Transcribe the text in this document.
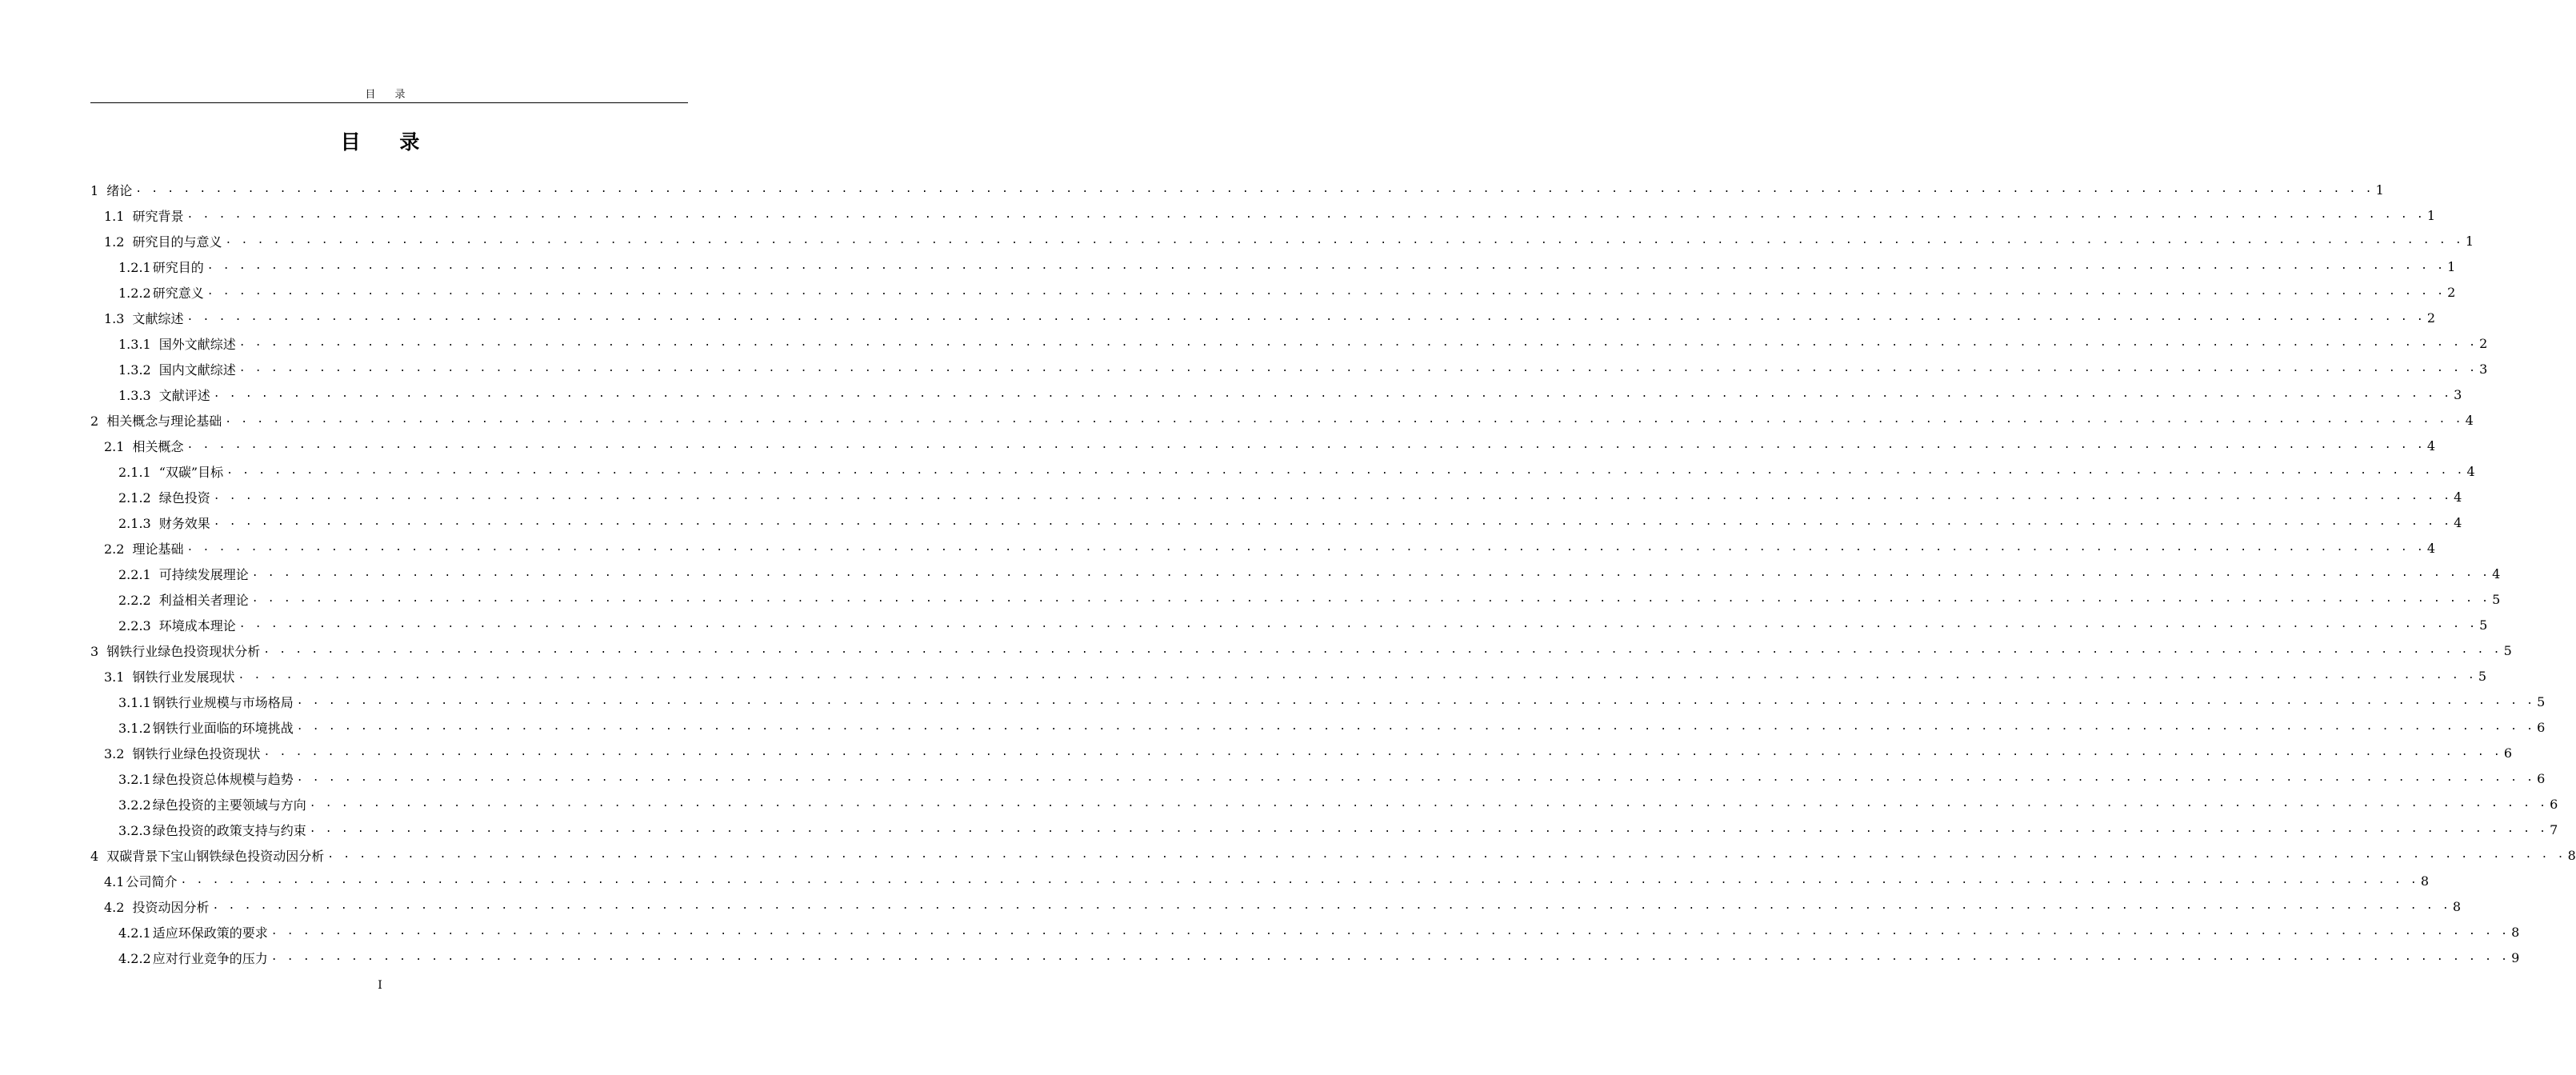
目 录
目 录
1 绪论 . . . . . . . . . . . . . . . . . . . . . . . . . . . . . . . . . . . . . . . . . . . . . . . . . . . . . . . . . . . . . . . . . . . . . . . . . . . . . . . . . . . . . . . . . . . . . . . . . . . . . . . . . . . . . . . . . . . . . . . . . . . . . . . . . . . . . . . . . . . . 1
1.1 研究背景 . . . . . . . . . . . . . . . . . . . . . . . . . . . . . . . . . . . . . . . . . . . . . . . . . . . . . . . . . . . . . . . . . . . . . . . . . . . . . . . . . . . . . . . . . . . . . . . . . . . . . . . . . . . . . . . . . . . . . . . . . . . . . . . . . . . . . . . . . . . . 1
1.2 研究目的与意义 . . . . . . . . . . . . . . . . . . . . . . . . . . . . . . . . . . . . . . . . . . . . . . . . . . . . . . . . . . . . . . . . . . . . . . . . . . . . . . . . . . . . . . . . . . . . . . . . . . . . . . . . . . . . . . . . . . . . . . . . . . . . . . . . . . . . . . . . . . . . 1
1.2.1 研究目的 . . . . . . . . . . . . . . . . . . . . . . . . . . . . . . . . . . . . . . . . . . . . . . . . . . . . . . . . . . . . . . . . . . . . . . . . . . . . . . . . . . . . . . . . . . . . . . . . . . . . . . . . . . . . . . . . . . . . . . . . . . . . . . . . . . . . . . . . . . . . 1
1.2.2 研究意义 . . . . . . . . . . . . . . . . . . . . . . . . . . . . . . . . . . . . . . . . . . . . . . . . . . . . . . . . . . . . . . . . . . . . . . . . . . . . . . . . . . . . . . . . . . . . . . . . . . . . . . . . . . . . . . . . . . . . . . . . . . . . . . . . . . . . . . . . . . . . 2
1.3 文献综述 . . . . . . . . . . . . . . . . . . . . . . . . . . . . . . . . . . . . . . . . . . . . . . . . . . . . . . . . . . . . . . . . . . . . . . . . . . . . . . . . . . . . . . . . . . . . . . . . . . . . . . . . . . . . . . . . . . . . . . . . . . . . . . . . . . . . . . . . . . . . 2
1.3.1 国外文献综述 . . . . . . . . . . . . . . . . . . . . . . . . . . . . . . . . . . . . . . . . . . . . . . . . . . . . . . . . . . . . . . . . . . . . . . . . . . . . . . . . . . . . . . . . . . . . . . . . . . . . . . . . . . . . . . . . . . . . . . . . . . . . . . . . . . . . . . . . . . . . 2
1.3.2 国内文献综述 . . . . . . . . . . . . . . . . . . . . . . . . . . . . . . . . . . . . . . . . . . . . . . . . . . . . . . . . . . . . . . . . . . . . . . . . . . . . . . . . . . . . . . . . . . . . . . . . . . . . . . . . . . . . . . . . . . . . . . . . . . . . . . . . . . . . . . . . . . . . 3
1.3.3 文献评述 . . . . . . . . . . . . . . . . . . . . . . . . . . . . . . . . . . . . . . . . . . . . . . . . . . . . . . . . . . . . . . . . . . . . . . . . . . . . . . . . . . . . . . . . . . . . . . . . . . . . . . . . . . . . . . . . . . . . . . . . . . . . . . . . . . . . . . . . . . . . 3
2 相关概念与理论基础 . . . . . . . . . . . . . . . . . . . . . . . . . . . . . . . . . . . . . . . . . . . . . . . . . . . . . . . . . . . . . . . . . . . . . . . . . . . . . . . . . . . . . . . . . . . . . . . . . . . . . . . . . . . . . . . . . . . . . . . . . . . . . . . . . . . . . . . . . . . . 4
2.1 相关概念 . . . . . . . . . . . . . . . . . . . . . . . . . . . . . . . . . . . . . . . . . . . . . . . . . . . . . . . . . . . . . . . . . . . . . . . . . . . . . . . . . . . . . . . . . . . . . . . . . . . . . . . . . . . . . . . . . . . . . . . . . . . . . . . . . . . . . . . . . . . . 4
2.1.1 “双碳”目标 . . . . . . . . . . . . . . . . . . . . . . . . . . . . . . . . . . . . . . . . . . . . . . . . . . . . . . . . . . . . . . . . . . . . . . . . . . . . . . . . . . . . . . . . . . . . . . . . . . . . . . . . . . . . . . . . . . . . . . . . . . . . . . . . . . . . . . . . . . . . 4
2.1.2 绿色投资 . . . . . . . . . . . . . . . . . . . . . . . . . . . . . . . . . . . . . . . . . . . . . . . . . . . . . . . . . . . . . . . . . . . . . . . . . . . . . . . . . . . . . . . . . . . . . . . . . . . . . . . . . . . . . . . . . . . . . . . . . . . . . . . . . . . . . . . . . . . . 4
2.1.3 财务效果 . . . . . . . . . . . . . . . . . . . . . . . . . . . . . . . . . . . . . . . . . . . . . . . . . . . . . . . . . . . . . . . . . . . . . . . . . . . . . . . . . . . . . . . . . . . . . . . . . . . . . . . . . . . . . . . . . . . . . . . . . . . . . . . . . . . . . . . . . . . . 4
2.2 理论基础 . . . . . . . . . . . . . . . . . . . . . . . . . . . . . . . . . . . . . . . . . . . . . . . . . . . . . . . . . . . . . . . . . . . . . . . . . . . . . . . . . . . . . . . . . . . . . . . . . . . . . . . . . . . . . . . . . . . . . . . . . . . . . . . . . . . . . . . . . . . . 4
2.2.1 可持续发展理论 . . . . . . . . . . . . . . . . . . . . . . . . . . . . . . . . . . . . . . . . . . . . . . . . . . . . . . . . . . . . . . . . . . . . . . . . . . . . . . . . . . . . . . . . . . . . . . . . . . . . . . . . . . . . . . . . . . . . . . . . . . . . . . . . . . . . . . . . . . . . 4
2.2.2 利益相关者理论 . . . . . . . . . . . . . . . . . . . . . . . . . . . . . . . . . . . . . . . . . . . . . . . . . . . . . . . . . . . . . . . . . . . . . . . . . . . . . . . . . . . . . . . . . . . . . . . . . . . . . . . . . . . . . . . . . . . . . . . . . . . . . . . . . . . . . . . . . . . . 5
2.2.3 环境成本理论 . . . . . . . . . . . . . . . . . . . . . . . . . . . . . . . . . . . . . . . . . . . . . . . . . . . . . . . . . . . . . . . . . . . . . . . . . . . . . . . . . . . . . . . . . . . . . . . . . . . . . . . . . . . . . . . . . . . . . . . . . . . . . . . . . . . . . . . . . . . . 5
3 钢铁行业绿色投资现状分析 . . . . . . . . . . . . . . . . . . . . . . . . . . . . . . . . . . . . . . . . . . . . . . . . . . . . . . . . . . . . . . . . . . . . . . . . . . . . . . . . . . . . . . . . . . . . . . . . . . . . . . . . . . . . . . . . . . . . . . . . . . . . . . . . . . . . . . . . . . . . 5
3.1 钢铁行业发展现状 . . . . . . . . . . . . . . . . . . . . . . . . . . . . . . . . . . . . . . . . . . . . . . . . . . . . . . . . . . . . . . . . . . . . . . . . . . . . . . . . . . . . . . . . . . . . . . . . . . . . . . . . . . . . . . . . . . . . . . . . . . . . . . . . . . . . . . . . . . . . 5
3.1.1 钢铁行业规模与市场格局 . . . . . . . . . . . . . . . . . . . . . . . . . . . . . . . . . . . . . . . . . . . . . . . . . . . . . . . . . . . . . . . . . . . . . . . . . . . . . . . . . . . . . . . . . . . . . . . . . . . . . . . . . . . . . . . . . . . . . . . . . . . . . . . . . . . . . . . . . . . . 5
3.1.2 钢铁行业面临的环境挑战 . . . . . . . . . . . . . . . . . . . . . . . . . . . . . . . . . . . . . . . . . . . . . . . . . . . . . . . . . . . . . . . . . . . . . . . . . . . . . . . . . . . . . . . . . . . . . . . . . . . . . . . . . . . . . . . . . . . . . . . . . . . . . . . . . . . . . . . . . . . . 6
3.2 钢铁行业绿色投资现状 . . . . . . . . . . . . . . . . . . . . . . . . . . . . . . . . . . . . . . . . . . . . . . . . . . . . . . . . . . . . . . . . . . . . . . . . . . . . . . . . . . . . . . . . . . . . . . . . . . . . . . . . . . . . . . . . . . . . . . . . . . . . . . . . . . . . . . . . . . . . 6
3.2.1 绿色投资总体规模与趋势 . . . . . . . . . . . . . . . . . . . . . . . . . . . . . . . . . . . . . . . . . . . . . . . . . . . . . . . . . . . . . . . . . . . . . . . . . . . . . . . . . . . . . . . . . . . . . . . . . . . . . . . . . . . . . . . . . . . . . . . . . . . . . . . . . . . . . . . . . . . . 6
3.2.2 绿色投资的主要领域与方向 . . . . . . . . . . . . . . . . . . . . . . . . . . . . . . . . . . . . . . . . . . . . . . . . . . . . . . . . . . . . . . . . . . . . . . . . . . . . . . . . . . . . . . . . . . . . . . . . . . . . . . . . . . . . . . . . . . . . . . . . . . . . . . . . . . . . . . . . . . . . 6
3.2.3 绿色投资的政策支持与约束 . . . . . . . . . . . . . . . . . . . . . . . . . . . . . . . . . . . . . . . . . . . . . . . . . . . . . . . . . . . . . . . . . . . . . . . . . . . . . . . . . . . . . . . . . . . . . . . . . . . . . . . . . . . . . . . . . . . . . . . . . . . . . . . . . . . . . . . . . . . . 7
4 双碳背景下宝山钢铁绿色投资动因分析 . . . . . . . . . . . . . . . . . . . . . . . . . . . . . . . . . . . . . . . . . . . . . . . . . . . . . . . . . . . . . . . . . . . . . . . . . . . . . . . . . . . . . . . . . . . . . . . . . . . . . . . . . . . . . . . . . . . . . . . . . . . . . . . . . . . . . . . . . . . . 8
4.1 公司简介 . . . . . . . . . . . . . . . . . . . . . . . . . . . . . . . . . . . . . . . . . . . . . . . . . . . . . . . . . . . . . . . . . . . . . . . . . . . . . . . . . . . . . . . . . . . . . . . . . . . . . . . . . . . . . . . . . . . . . . . . . . . . . . . . . . . . . . . . . . . . 8
4.2 投资动因分析 . . . . . . . . . . . . . . . . . . . . . . . . . . . . . . . . . . . . . . . . . . . . . . . . . . . . . . . . . . . . . . . . . . . . . . . . . . . . . . . . . . . . . . . . . . . . . . . . . . . . . . . . . . . . . . . . . . . . . . . . . . . . . . . . . . . . . . . . . . . . 8
4.2.1 适应环保政策的要求 . . . . . . . . . . . . . . . . . . . . . . . . . . . . . . . . . . . . . . . . . . . . . . . . . . . . . . . . . . . . . . . . . . . . . . . . . . . . . . . . . . . . . . . . . . . . . . . . . . . . . . . . . . . . . . . . . . . . . . . . . . . . . . . . . . . . . . . . . . . . 8
4.2.2 应对行业竞争的压力 . . . . . . . . . . . . . . . . . . . . . . . . . . . . . . . . . . . . . . . . . . . . . . . . . . . . . . . . . . . . . . . . . . . . . . . . . . . . . . . . . . . . . . . . . . . . . . . . . . . . . . . . . . . . . . . . . . . . . . . . . . . . . . . . . . . . . . . . . . . . 9
I
